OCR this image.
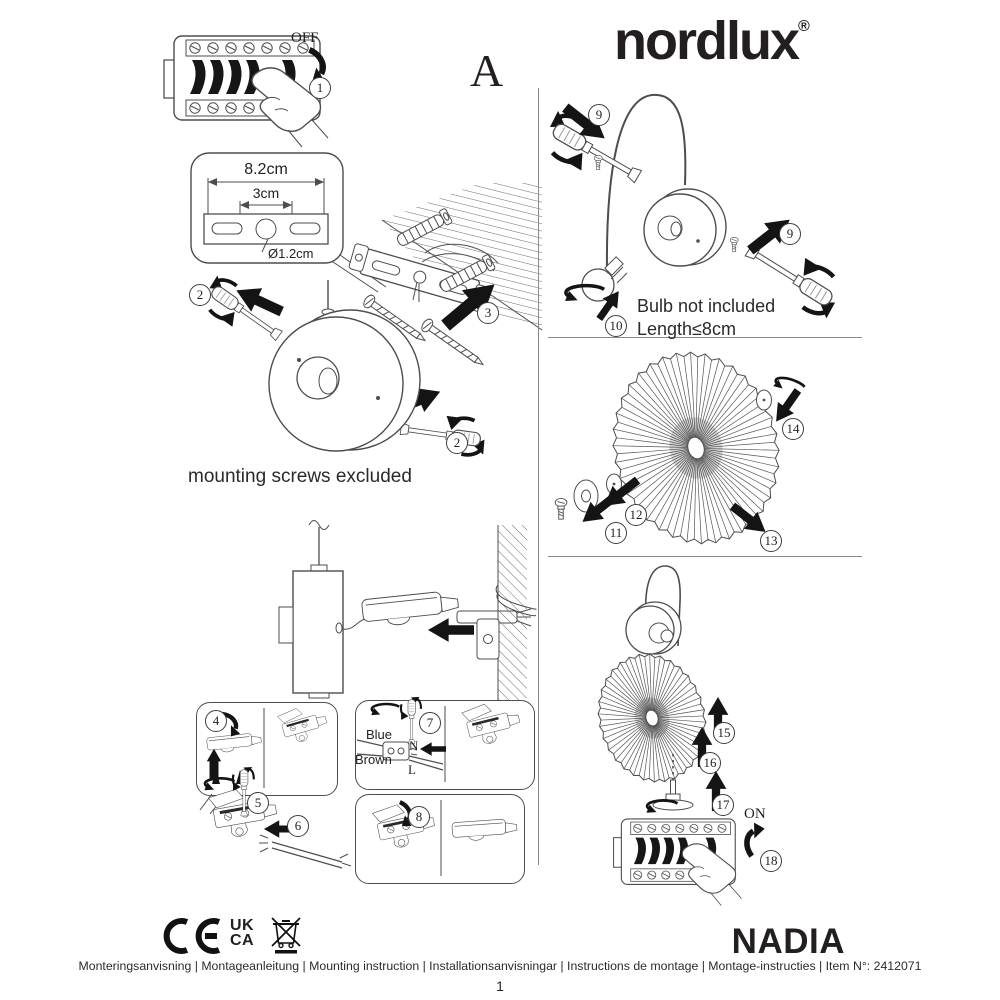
OFF
1	A nordlux®
8.2cm
3cm
Ø1.2cm
3
2
2
mounting screws excluded
4
5
6
Blue
Brown
N
L
7
8
9
9
10
Bulb not included
Length≤8cm
11
12
13
14
15
16
17
ON
18
UK
CA	NADIA
Monteringsanvisning | Montageanleitung | Mounting instruction | Installationsanvisningar | Instructions de montage | Montage-instructies | Item N°: 2412071
1
